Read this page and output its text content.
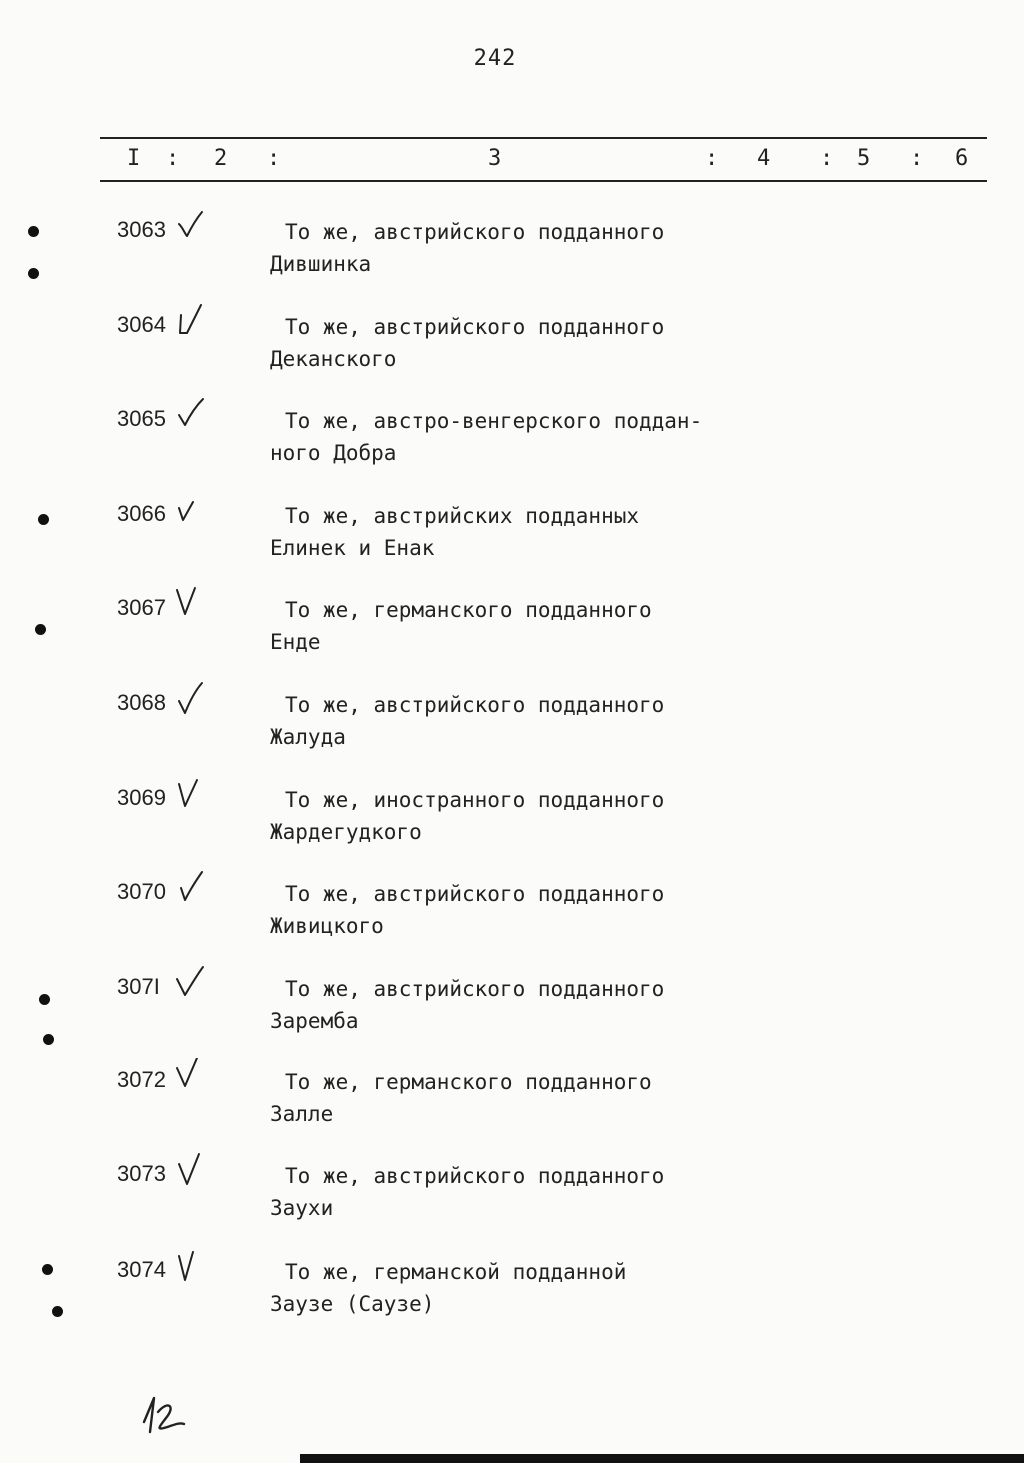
242
I : 2 :	3	: 4 : 5 : 6
3063	То же, австрийского подданного
Дившинка
3064	То же, австрийского подданного
Деканского
3065	То же, австро-венгерского поддан-
ного Добра
3066	То же, австрийских подданных
Елинек и Енак
3067	То же, германского подданного
Енде
3068	То же, австрийского подданного
Жалуда
3069	То же, иностранного подданного
Жардегудкого
3070	То же, австрийского подданного
Живицкого
307I	То же, австрийского подданного
Заремба
3072	То же, германского подданного
Залле
3073	То же, австрийского подданного
Заухи
3074	То же, германской подданной
Заузе (Саузе)
